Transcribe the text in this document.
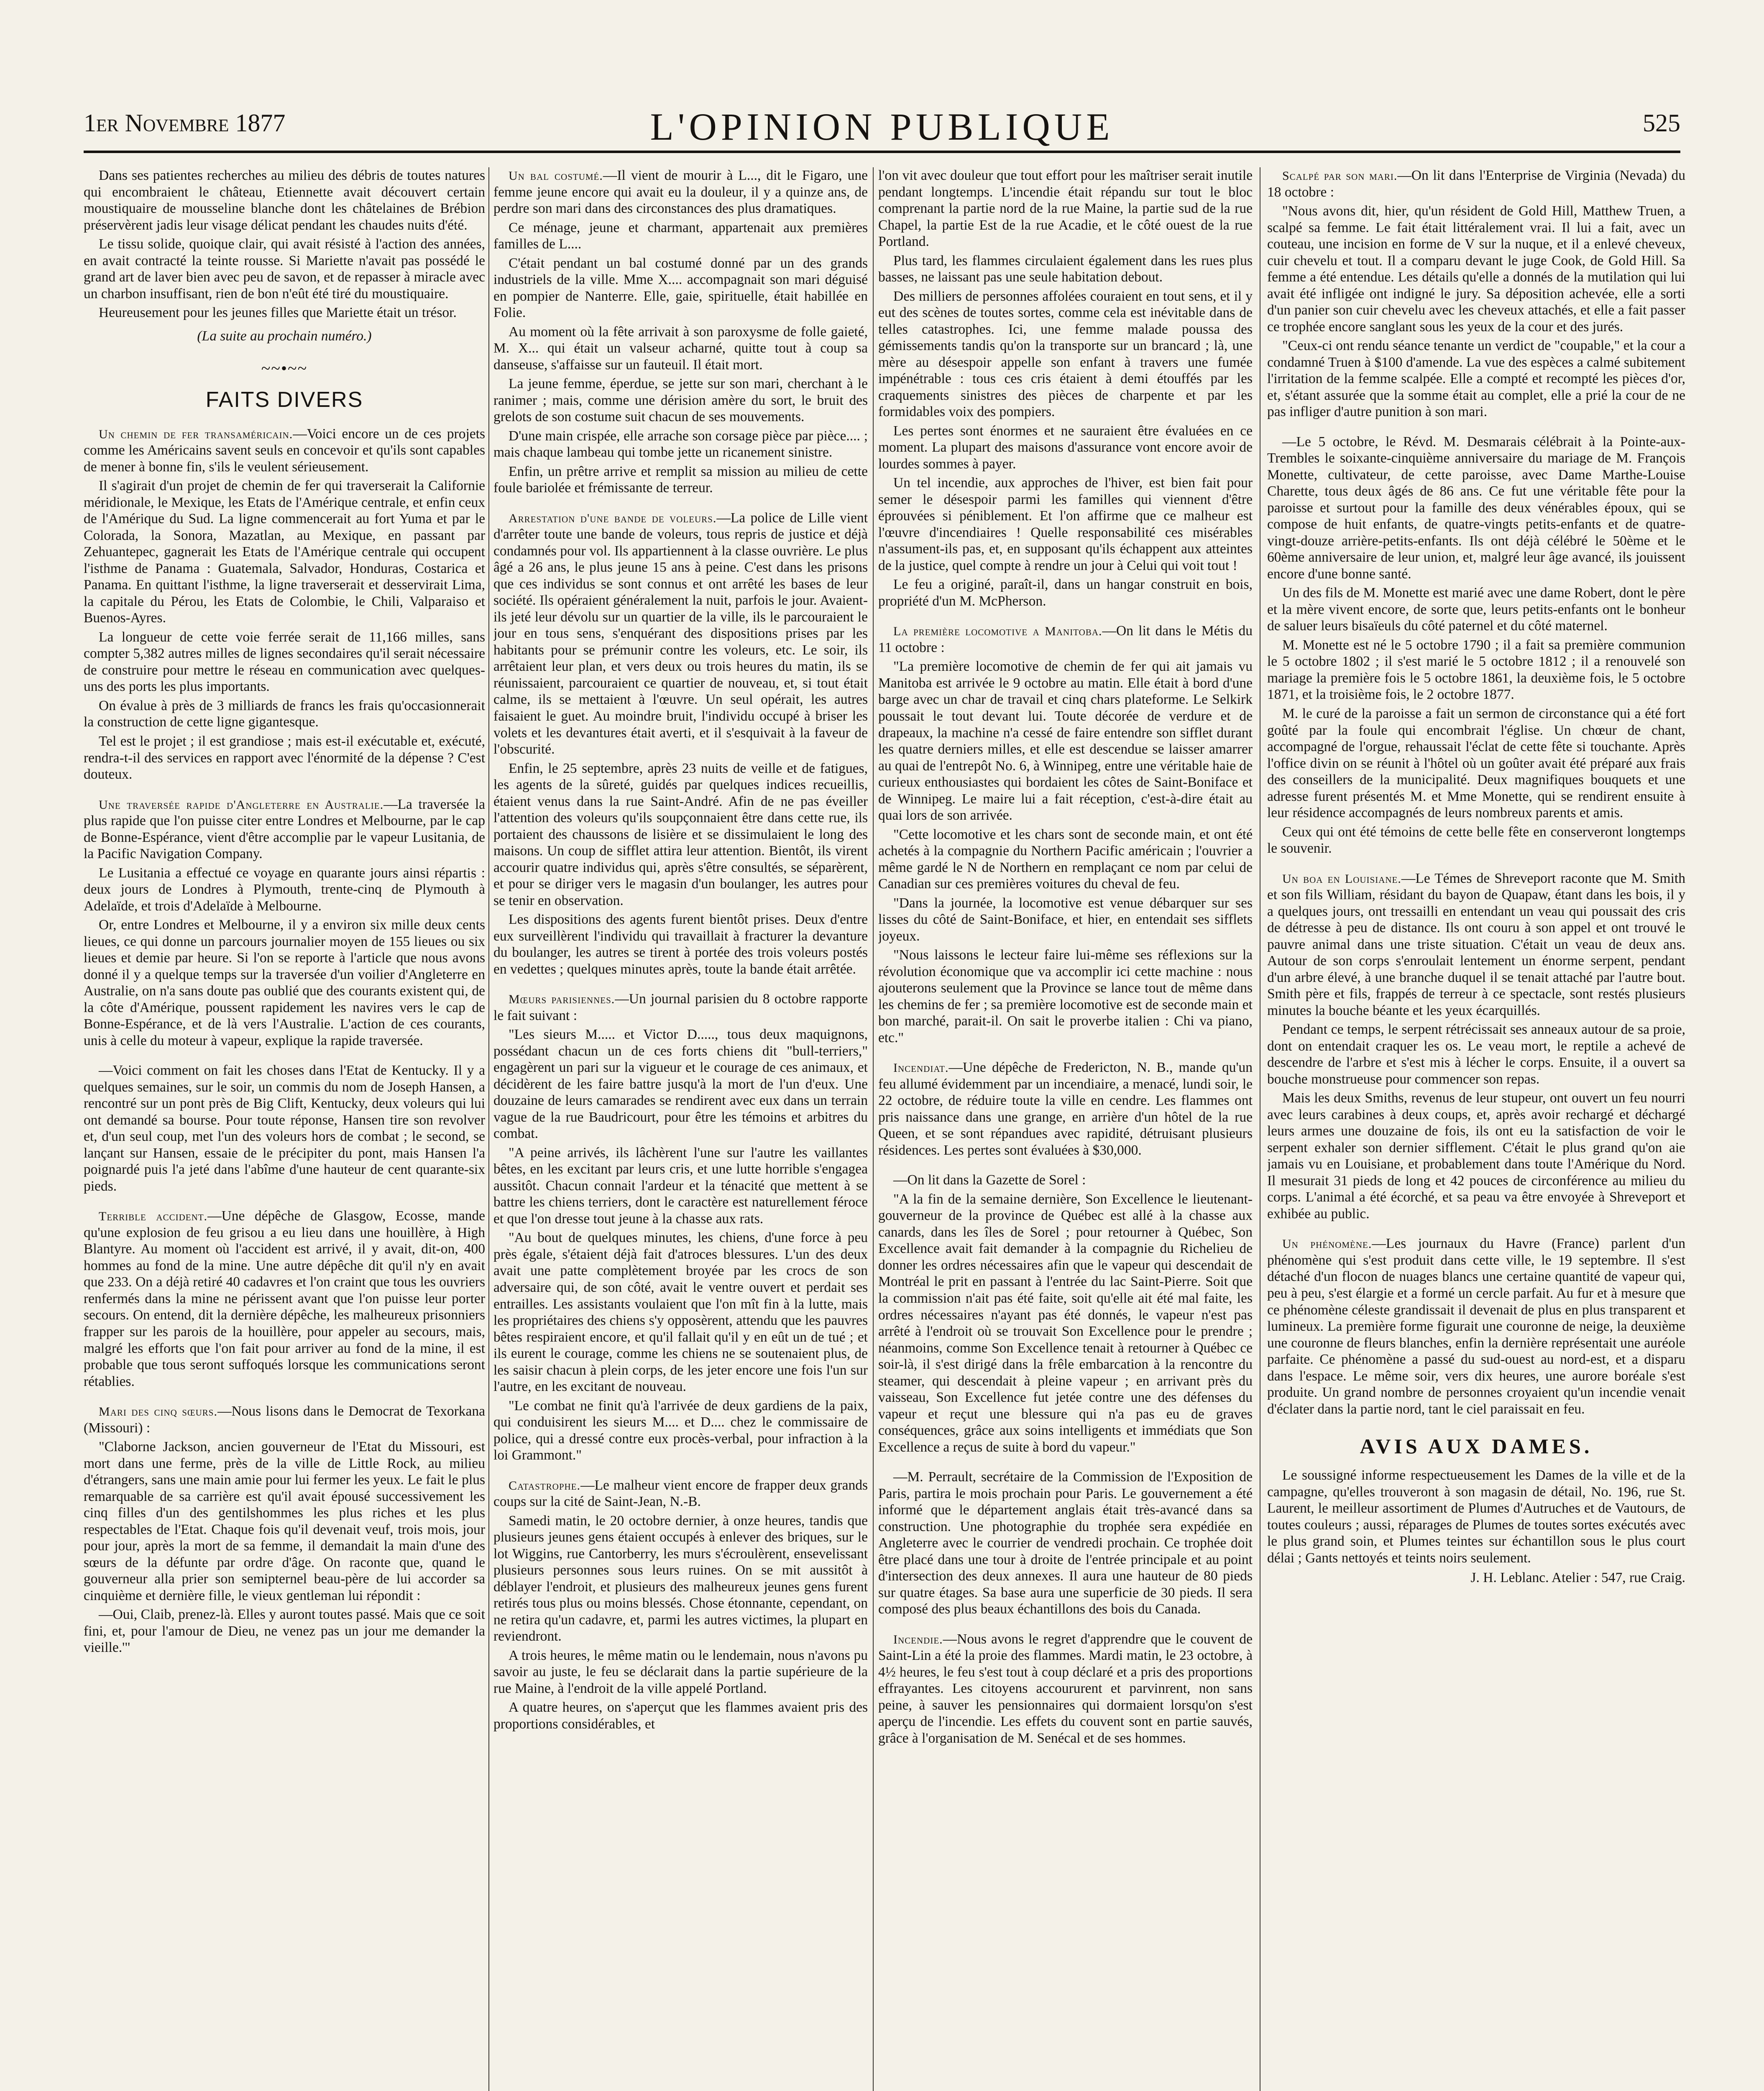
1er Novembre 1877	L'OPINION PUBLIQUE	525

Dans ses patientes recherches au milieu des débris de toutes natures qui encombraient le château, Etiennette avait découvert certain moustiquaire de mousseline blanche dont les châtelaines de Brébion préservèrent jadis leur visage délicat pendant les chaudes nuits d'été.

Le tissu solide, quoique clair, qui avait résisté à l'action des années, en avait contracté la teinte rousse. Si Mariette n'avait pas possédé le grand art de laver bien avec peu de savon, et de repasser à miracle avec un charbon insuffisant, rien de bon n'eût été tiré du moustiquaire.

Heureusement pour les jeunes filles que Mariette était un trésor.

(La suite au prochain numéro.)

~~•~~

FAITS DIVERS

Un chemin de fer transaméricain.—Voici encore un de ces projets comme les Américains savent seuls en concevoir et qu'ils sont capables de mener à bonne fin, s'ils le veulent sérieusement.

Il s'agirait d'un projet de chemin de fer qui traverserait la Californie méridionale, le Mexique, les Etats de l'Amérique centrale, et enfin ceux de l'Amérique du Sud. La ligne commencerait au fort Yuma et par le Colorada, la Sonora, Mazatlan, au Mexique, en passant par Zehuantepec, gagnerait les Etats de l'Amérique centrale qui occupent l'isthme de Panama : Guatemala, Salvador, Honduras, Costarica et Panama. En quittant l'isthme, la ligne traverserait et desservirait Lima, la capitale du Pérou, les Etats de Colombie, le Chili, Valparaiso et Buenos-Ayres.

La longueur de cette voie ferrée serait de 11,166 milles, sans compter 5,382 autres milles de lignes secondaires qu'il serait nécessaire de construire pour mettre le réseau en communication avec quelques-uns des ports les plus importants.

On évalue à près de 3 milliards de francs les frais qu'occasionnerait la construction de cette ligne gigantesque.

Tel est le projet ; il est grandiose ; mais est-il exécutable et, exécuté, rendra-t-il des services en rapport avec l'énormité de la dépense ? C'est douteux.

Une traversée rapide d'Angleterre en Australie.—La traversée la plus rapide que l'on puisse citer entre Londres et Melbourne, par le cap de Bonne-Espérance, vient d'être accomplie par le vapeur Lusitania, de la Pacific Navigation Company.

Le Lusitania a effectué ce voyage en quarante jours ainsi répartis : deux jours de Londres à Plymouth, trente-cinq de Plymouth à Adelaïde, et trois d'Adelaïde à Melbourne.

Or, entre Londres et Melbourne, il y a environ six mille deux cents lieues, ce qui donne un parcours journalier moyen de 155 lieues ou six lieues et demie par heure. Si l'on se reporte à l'article que nous avons donné il y a quelque temps sur la traversée d'un voilier d'Angleterre en Australie, on n'a sans doute pas oublié que des courants existent qui, de la côte d'Amérique, poussent rapidement les navires vers le cap de Bonne-Espérance, et de là vers l'Australie. L'action de ces courants, unis à celle du moteur à vapeur, explique la rapide traversée.

—Voici comment on fait les choses dans l'Etat de Kentucky. Il y a quelques semaines, sur le soir, un commis du nom de Joseph Hansen, a rencontré sur un pont près de Big Clift, Kentucky, deux voleurs qui lui ont demandé sa bourse. Pour toute réponse, Hansen tire son revolver et, d'un seul coup, met l'un des voleurs hors de combat ; le second, se lançant sur Hansen, essaie de le précipiter du pont, mais Hansen l'a poignardé puis l'a jeté dans l'abîme d'une hauteur de cent quarante-six pieds.

Terrible accident.—Une dépêche de Glasgow, Ecosse, mande qu'une explosion de feu grisou a eu lieu dans une houillère, à High Blantyre. Au moment où l'accident est arrivé, il y avait, dit-on, 400 hommes au fond de la mine. Une autre dépêche dit qu'il n'y en avait que 233. On a déjà retiré 40 cadavres et l'on craint que tous les ouvriers renfermés dans la mine ne périssent avant que l'on puisse leur porter secours. On entend, dit la dernière dépêche, les malheureux prisonniers frapper sur les parois de la houillère, pour appeler au secours, mais, malgré les efforts que l'on fait pour arriver au fond de la mine, il est probable que tous seront suffoqués lorsque les communications seront rétablies.

Mari des cinq sœurs.—Nous lisons dans le Democrat de Texorkana (Missouri) :

"Claborne Jackson, ancien gouverneur de l'Etat du Missouri, est mort dans une ferme, près de la ville de Little Rock, au milieu d'étrangers, sans une main amie pour lui fermer les yeux. Le fait le plus remarquable de sa carrière est qu'il avait épousé successivement les cinq filles d'un des gentilshommes les plus riches et les plus respectables de l'Etat. Chaque fois qu'il devenait veuf, trois mois, jour pour jour, après la mort de sa femme, il demandait la main d'une des sœurs de la défunte par ordre d'âge. On raconte que, quand le gouverneur alla prier son semipternel beau-père de lui accorder sa cinquième et dernière fille, le vieux gentleman lui répondit :

—Oui, Claib, prenez-là. Elles y auront toutes passé. Mais que ce soit fini, et, pour l'amour de Dieu, ne venez pas un jour me demander la vieille.'"

Un bal costumé.—Il vient de mourir à L..., dit le Figaro, une femme jeune encore qui avait eu la douleur, il y a quinze ans, de perdre son mari dans des circonstances des plus dramatiques.

Ce ménage, jeune et charmant, appartenait aux premières familles de L....

C'était pendant un bal costumé donné par un des grands industriels de la ville. Mme X.... accompagnait son mari déguisé en pompier de Nanterre. Elle, gaie, spirituelle, était habillée en Folie.

Au moment où la fête arrivait à son paroxysme de folle gaieté, M. X... qui était un valseur acharné, quitte tout à coup sa danseuse, s'affaisse sur un fauteuil. Il était mort.

La jeune femme, éperdue, se jette sur son mari, cherchant à le ranimer ; mais, comme une dérision amère du sort, le bruit des grelots de son costume suit chacun de ses mouvements.

D'une main crispée, elle arrache son corsage pièce par pièce.... ; mais chaque lambeau qui tombe jette un ricanement sinistre.

Enfin, un prêtre arrive et remplit sa mission au milieu de cette foule bariolée et frémissante de terreur.

Arrestation d'une bande de voleurs.—La police de Lille vient d'arrêter toute une bande de voleurs, tous repris de justice et déjà condamnés pour vol. Ils appartiennent à la classe ouvrière. Le plus âgé a 26 ans, le plus jeune 15 ans à peine. C'est dans les prisons que ces individus se sont connus et ont arrêté les bases de leur société. Ils opéraient généralement la nuit, parfois le jour. Avaient-ils jeté leur dévolu sur un quartier de la ville, ils le parcouraient le jour en tous sens, s'enquérant des dispositions prises par les habitants pour se prémunir contre les voleurs, etc. Le soir, ils arrêtaient leur plan, et vers deux ou trois heures du matin, ils se réunissaient, parcouraient ce quartier de nouveau, et, si tout était calme, ils se mettaient à l'œuvre. Un seul opérait, les autres faisaient le guet. Au moindre bruit, l'individu occupé à briser les volets et les devantures était averti, et il s'esquivait à la faveur de l'obscurité.

Enfin, le 25 septembre, après 23 nuits de veille et de fatigues, les agents de la sûreté, guidés par quelques indices recueillis, étaient venus dans la rue Saint-André. Afin de ne pas éveiller l'attention des voleurs qu'ils soupçonnaient être dans cette rue, ils portaient des chaussons de lisière et se dissimulaient le long des maisons. Un coup de sifflet attira leur attention. Bientôt, ils virent accourir quatre individus qui, après s'être consultés, se séparèrent, et pour se diriger vers le magasin d'un boulanger, les autres pour se tenir en observation.

Les dispositions des agents furent bientôt prises. Deux d'entre eux surveillèrent l'individu qui travaillait à fracturer la devanture du boulanger, les autres se tirent à portée des trois voleurs postés en vedettes ; quelques minutes après, toute la bande était arrêtée.

Mœurs parisiennes.—Un journal parisien du 8 octobre rapporte le fait suivant :

"Les sieurs M..... et Victor D....., tous deux maquignons, possédant chacun un de ces forts chiens dit "bull-terriers," engagèrent un pari sur la vigueur et le courage de ces animaux, et décidèrent de les faire battre jusqu'à la mort de l'un d'eux. Une douzaine de leurs camarades se rendirent avec eux dans un terrain vague de la rue Baudricourt, pour être les témoins et arbitres du combat.

"A peine arrivés, ils lâchèrent l'une sur l'autre les vaillantes bêtes, en les excitant par leurs cris, et une lutte horrible s'engagea aussitôt. Chacun connait l'ardeur et la ténacité que mettent à se battre les chiens terriers, dont le caractère est naturellement féroce et que l'on dresse tout jeune à la chasse aux rats.

"Au bout de quelques minutes, les chiens, d'une force à peu près égale, s'étaient déjà fait d'atroces blessures. L'un des deux avait une patte complètement broyée par les crocs de son adversaire qui, de son côté, avait le ventre ouvert et perdait ses entrailles. Les assistants voulaient que l'on mît fin à la lutte, mais les propriétaires des chiens s'y opposèrent, attendu que les pauvres bêtes respiraient encore, et qu'il fallait qu'il y en eût un de tué ; et ils eurent le courage, comme les chiens ne se soutenaient plus, de les saisir chacun à plein corps, de les jeter encore une fois l'un sur l'autre, en les excitant de nouveau.

"Le combat ne finit qu'à l'arrivée de deux gardiens de la paix, qui conduisirent les sieurs M.... et D.... chez le commissaire de police, qui a dressé contre eux procès-verbal, pour infraction à la loi Grammont."

Catastrophe.—Le malheur vient encore de frapper deux grands coups sur la cité de Saint-Jean, N.-B.

Samedi matin, le 20 octobre dernier, à onze heures, tandis que plusieurs jeunes gens étaient occupés à enlever des briques, sur le lot Wiggins, rue Cantorberry, les murs s'écroulèrent, ensevelissant plusieurs personnes sous leurs ruines. On se mit aussitôt à déblayer l'endroit, et plusieurs des malheureux jeunes gens furent retirés tous plus ou moins blessés. Chose étonnante, cependant, on ne retira qu'un cadavre, et, parmi les autres victimes, la plupart en reviendront.

A trois heures, le même matin ou le lendemain, nous n'avons pu savoir au juste, le feu se déclarait dans la partie supérieure de la rue Maine, à l'endroit de la ville appelé Portland.

A quatre heures, on s'aperçut que les flammes avaient pris des proportions considérables, et

l'on vit avec douleur que tout effort pour les maîtriser serait inutile pendant longtemps. L'incendie était répandu sur tout le bloc comprenant la partie nord de la rue Maine, la partie sud de la rue Chapel, la partie Est de la rue Acadie, et le côté ouest de la rue Portland.

Plus tard, les flammes circulaient également dans les rues plus basses, ne laissant pas une seule habitation debout.

Des milliers de personnes affolées couraient en tout sens, et il y eut des scènes de toutes sortes, comme cela est inévitable dans de telles catastrophes. Ici, une femme malade poussa des gémissements tandis qu'on la transporte sur un brancard ; là, une mère au désespoir appelle son enfant à travers une fumée impénétrable : tous ces cris étaient à demi étouffés par les craquements sinistres des pièces de charpente et par les formidables voix des pompiers.

Les pertes sont énormes et ne sauraient être évaluées en ce moment. La plupart des maisons d'assurance vont encore avoir de lourdes sommes à payer.

Un tel incendie, aux approches de l'hiver, est bien fait pour semer le désespoir parmi les familles qui viennent d'être éprouvées si péniblement. Et l'on affirme que ce malheur est l'œuvre d'incendiaires ! Quelle responsabilité ces misérables n'assument-ils pas, et, en supposant qu'ils échappent aux atteintes de la justice, quel compte à rendre un jour à Celui qui voit tout !

Le feu a originé, paraît-il, dans un hangar construit en bois, propriété d'un M. McPherson.

La première locomotive a Manitoba.—On lit dans le Métis du 11 octobre :

"La première locomotive de chemin de fer qui ait jamais vu Manitoba est arrivée le 9 octobre au matin. Elle était à bord d'une barge avec un char de travail et cinq chars plateforme. Le Selkirk poussait le tout devant lui. Toute décorée de verdure et de drapeaux, la machine n'a cessé de faire entendre son sifflet durant les quatre derniers milles, et elle est descendue se laisser amarrer au quai de l'entrepôt No. 6, à Winnipeg, entre une véritable haie de curieux enthousiastes qui bordaient les côtes de Saint-Boniface et de Winnipeg. Le maire lui a fait réception, c'est-à-dire était au quai lors de son arrivée.

"Cette locomotive et les chars sont de seconde main, et ont été achetés à la compagnie du Northern Pacific américain ; l'ouvrier a même gardé le N de Northern en remplaçant ce nom par celui de Canadian sur ces premières voitures du cheval de feu.

"Dans la journée, la locomotive est venue débarquer sur ses lisses du côté de Saint-Boniface, et hier, en entendait ses sifflets joyeux.

"Nous laissons le lecteur faire lui-même ses réflexions sur la révolution économique que va accomplir ici cette machine : nous ajouterons seulement que la Province se lance tout de même dans les chemins de fer ; sa première locomotive est de seconde main et bon marché, parait-il. On sait le proverbe italien : Chi va piano, etc."

Incendiat.—Une dépêche de Fredericton, N. B., mande qu'un feu allumé évidemment par un incendiaire, a menacé, lundi soir, le 22 octobre, de réduire toute la ville en cendre. Les flammes ont pris naissance dans une grange, en arrière d'un hôtel de la rue Queen, et se sont répandues avec rapidité, détruisant plusieurs résidences. Les pertes sont évaluées à $30,000.

—On lit dans la Gazette de Sorel :

"A la fin de la semaine dernière, Son Excellence le lieutenant-gouverneur de la province de Québec est allé à la chasse aux canards, dans les îles de Sorel ; pour retourner à Québec, Son Excellence avait fait demander à la compagnie du Richelieu de donner les ordres nécessaires afin que le vapeur qui descendait de Montréal le prit en passant à l'entrée du lac Saint-Pierre. Soit que la commission n'ait pas été faite, soit qu'elle ait été mal faite, les ordres nécessaires n'ayant pas été donnés, le vapeur n'est pas arrêté à l'endroit où se trouvait Son Excellence pour le prendre ; néanmoins, comme Son Excellence tenait à retourner à Québec ce soir-là, il s'est dirigé dans la frêle embarcation à la rencontre du steamer, qui descendait à pleine vapeur ; en arrivant près du vaisseau, Son Excellence fut jetée contre une des défenses du vapeur et reçut une blessure qui n'a pas eu de graves conséquences, grâce aux soins intelligents et immédiats que Son Excellence a reçus de suite à bord du vapeur."

—M. Perrault, secrétaire de la Commission de l'Exposition de Paris, partira le mois prochain pour Paris. Le gouvernement a été informé que le département anglais était très-avancé dans sa construction. Une photographie du trophée sera expédiée en Angleterre avec le courrier de vendredi prochain. Ce trophée doit être placé dans une tour à droite de l'entrée principale et au point d'intersection des deux annexes. Il aura une hauteur de 80 pieds sur quatre étages. Sa base aura une superficie de 30 pieds. Il sera composé des plus beaux échantillons des bois du Canada.

Incendie.—Nous avons le regret d'apprendre que le couvent de Saint-Lin a été la proie des flammes. Mardi matin, le 23 octobre, à 4½ heures, le feu s'est tout à coup déclaré et a pris des proportions effrayantes. Les citoyens accoururent et parvinrent, non sans peine, à sauver les pensionnaires qui dormaient lorsqu'on s'est aperçu de l'incendie. Les effets du couvent sont en partie sauvés, grâce à l'organisation de M. Senécal et de ses hommes.

Scalpé par son mari.—On lit dans l'Enterprise de Virginia (Nevada) du 18 octobre :

"Nous avons dit, hier, qu'un résident de Gold Hill, Matthew Truen, a scalpé sa femme. Le fait était littéralement vrai. Il lui a fait, avec un couteau, une incision en forme de V sur la nuque, et il a enlevé cheveux, cuir chevelu et tout. Il a comparu devant le juge Cook, de Gold Hill. Sa femme a été entendue. Les détails qu'elle a donnés de la mutilation qui lui avait été infligée ont indigné le jury. Sa déposition achevée, elle a sorti d'un panier son cuir chevelu avec les cheveux attachés, et elle a fait passer ce trophée encore sanglant sous les yeux de la cour et des jurés.

"Ceux-ci ont rendu séance tenante un verdict de "coupable," et la cour a condamné Truen à $100 d'amende. La vue des espèces a calmé subitement l'irritation de la femme scalpée. Elle a compté et recompté les pièces d'or, et, s'étant assurée que la somme était au complet, elle a prié la cour de ne pas infliger d'autre punition à son mari.

—Le 5 octobre, le Révd. M. Desmarais célébrait à la Pointe-aux-Trembles le soixante-cinquième anniversaire du mariage de M. François Monette, cultivateur, de cette paroisse, avec Dame Marthe-Louise Charette, tous deux âgés de 86 ans. Ce fut une véritable fête pour la paroisse et surtout pour la famille des deux vénérables époux, qui se compose de huit enfants, de quatre-vingts petits-enfants et de quatre-vingt-douze arrière-petits-enfants. Ils ont déjà célébré le 50ème et le 60ème anniversaire de leur union, et, malgré leur âge avancé, ils jouissent encore d'une bonne santé.

Un des fils de M. Monette est marié avec une dame Robert, dont le père et la mère vivent encore, de sorte que, leurs petits-enfants ont le bonheur de saluer leurs bisaïeuls du côté paternel et du côté maternel.

M. Monette est né le 5 octobre 1790 ; il a fait sa première communion le 5 octobre 1802 ; il s'est marié le 5 octobre 1812 ; il a renouvelé son mariage la première fois le 5 octobre 1861, la deuxième fois, le 5 octobre 1871, et la troisième fois, le 2 octobre 1877.

M. le curé de la paroisse a fait un sermon de circonstance qui a été fort goûté par la foule qui encombrait l'église. Un chœur de chant, accompagné de l'orgue, rehaussait l'éclat de cette fête si touchante. Après l'office divin on se réunit à l'hôtel où un goûter avait été préparé aux frais des conseillers de la municipalité. Deux magnifiques bouquets et une adresse furent présentés M. et Mme Monette, qui se rendirent ensuite à leur résidence accompagnés de leurs nombreux parents et amis.

Ceux qui ont été témoins de cette belle fête en conserveront longtemps le souvenir.

Un boa en Louisiane.—Le Témes de Shreveport raconte que M. Smith et son fils William, résidant du bayon de Quapaw, étant dans les bois, il y a quelques jours, ont tressailli en entendant un veau qui poussait des cris de détresse à peu de distance. Ils ont couru à son appel et ont trouvé le pauvre animal dans une triste situation. C'était un veau de deux ans. Autour de son corps s'enroulait lentement un énorme serpent, pendant d'un arbre élevé, à une branche duquel il se tenait attaché par l'autre bout. Smith père et fils, frappés de terreur à ce spectacle, sont restés plusieurs minutes la bouche béante et les yeux écarquillés.

Pendant ce temps, le serpent rétrécissait ses anneaux autour de sa proie, dont on entendait craquer les os. Le veau mort, le reptile a achevé de descendre de l'arbre et s'est mis à lécher le corps. Ensuite, il a ouvert sa bouche monstrueuse pour commencer son repas.

Mais les deux Smiths, revenus de leur stupeur, ont ouvert un feu nourri avec leurs carabines à deux coups, et, après avoir rechargé et déchargé leurs armes une douzaine de fois, ils ont eu la satisfaction de voir le serpent exhaler son dernier sifflement. C'était le plus grand qu'on aie jamais vu en Louisiane, et probablement dans toute l'Amérique du Nord. Il mesurait 31 pieds de long et 42 pouces de circonférence au milieu du corps. L'animal a été écorché, et sa peau va être envoyée à Shreveport et exhibée au public.

Un phénomène.—Les journaux du Havre (France) parlent d'un phénomène qui s'est produit dans cette ville, le 19 septembre. Il s'est détaché d'un flocon de nuages blancs une certaine quantité de vapeur qui, peu à peu, s'est élargie et a formé un cercle parfait. Au fur et à mesure que ce phénomène céleste grandissait il devenait de plus en plus transparent et lumineux. La première forme figurait une couronne de neige, la deuxième une couronne de fleurs blanches, enfin la dernière représentait une auréole parfaite. Ce phénomène a passé du sud-ouest au nord-est, et a disparu dans l'espace. Le même soir, vers dix heures, une aurore boréale s'est produite. Un grand nombre de personnes croyaient qu'un incendie venait d'éclater dans la partie nord, tant le ciel paraissait en feu.

AVIS AUX DAMES.

Le soussigné informe respectueusement les Dames de la ville et de la campagne, qu'elles trouveront à son magasin de détail, No. 196, rue St. Laurent, le meilleur assortiment de Plumes d'Autruches et de Vautours, de toutes couleurs ; aussi, réparages de Plumes de toutes sortes exécutés avec le plus grand soin, et Plumes teintes sur échantillon sous le plus court délai ; Gants nettoyés et teints noirs seulement.

J. H. Leblanc. Atelier : 547, rue Craig.
